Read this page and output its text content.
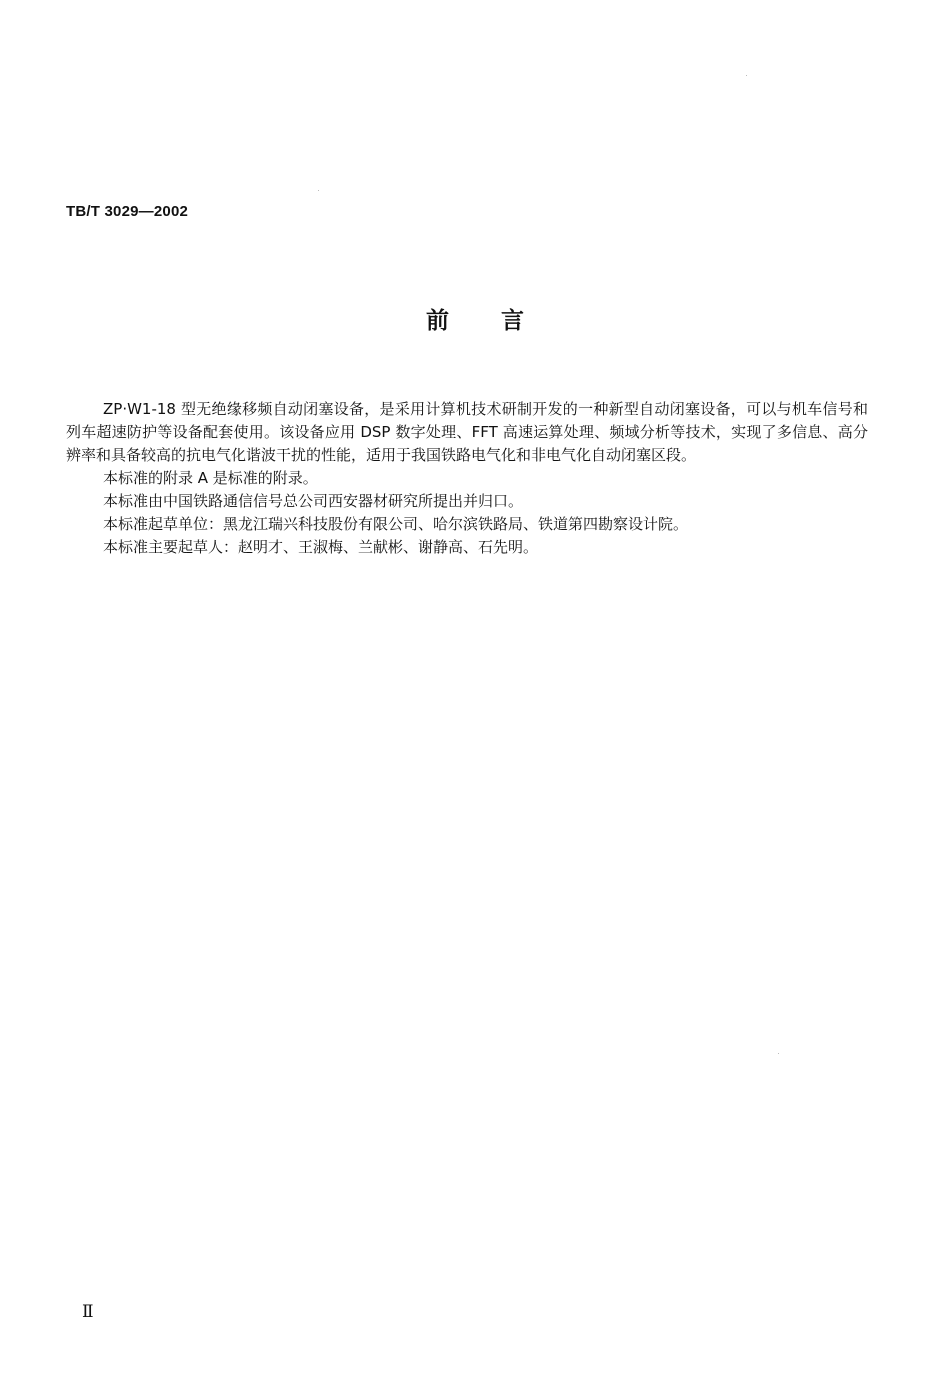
TB/T 3029—2002
前 言

ZP·W1-18 型无绝缘移频自动闭塞设备，是采用计算机技术研制开发的一种新型自动闭塞设备，可以与机车信号和列车超速防护等设备配套使用。该设备应用 DSP 数字处理、FFT 高速运算处理、频域分析等技术，实现了多信息、高分辨率和具备较高的抗电气化谐波干扰的性能，适用于我国铁路电气化和非电气化自动闭塞区段。

本标准的附录 A 是标准的附录。

本标准由中国铁路通信信号总公司西安器材研究所提出并归口。

本标准起草单位：黑龙江瑞兴科技股份有限公司、哈尔滨铁路局、铁道第四勘察设计院。

本标准主要起草人：赵明才、王淑梅、兰献彬、谢静高、石先明。

Ⅱ
